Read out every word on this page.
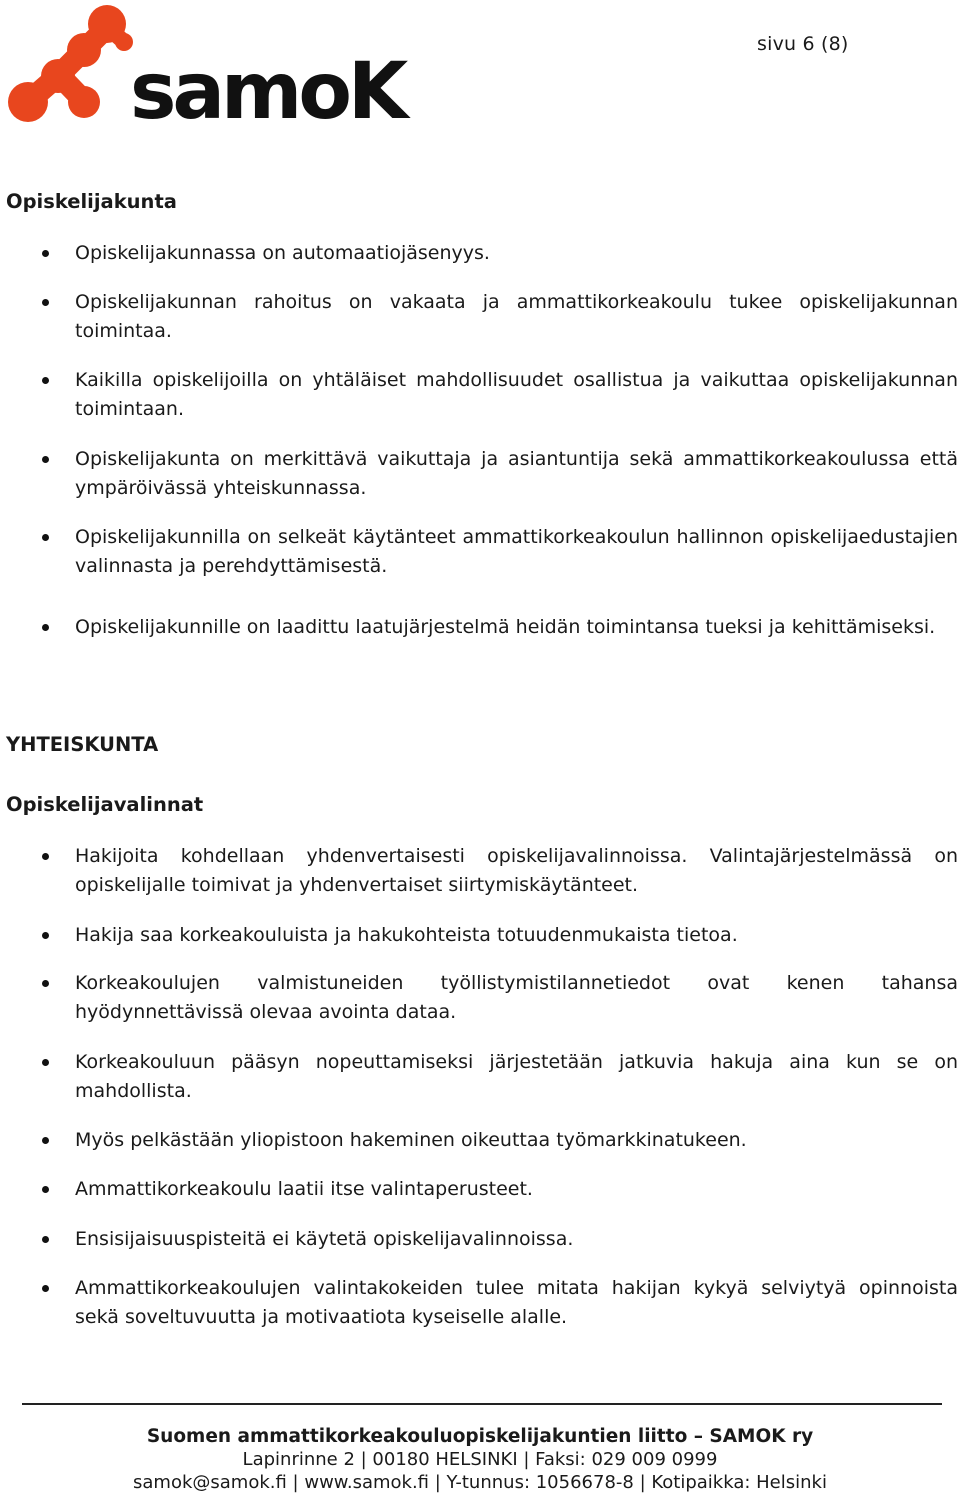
samoK
sivu 6 (8)
Opiskelijakunta

Opiskelijakunnassa on automaatiojäsenyys.

Opiskelijakunnan rahoitus on vakaata ja ammattikorkeakoulu tukee opiskelijakunnan toimintaa.

Kaikilla opiskelijoilla on yhtäläiset mahdollisuudet osallistua ja vaikuttaa opiskelijakunnan toimintaan.

Opiskelijakunta on merkittävä vaikuttaja ja asiantuntija sekä ammattikorkeakoulussa että ympäröivässä yhteiskunnassa.

Opiskelijakunnilla on selkeät käytänteet ammattikorkeakoulun hallinnon opiskelijaedustajien valinnasta ja perehdyttämisestä.

Opiskelijakunnille on laadittu laatujärjestelmä heidän toimintansa tueksi ja kehittämiseksi.

YHTEISKUNTA
Opiskelijavalinnat

Hakijoita kohdellaan yhdenvertaisesti opiskelijavalinnoissa. Valintajärjestelmässä on opiskelijalle toimivat ja yhdenvertaiset siirtymiskäytänteet.

Hakija saa korkeakouluista ja hakukohteista totuudenmukaista tietoa.

Korkeakoulujen valmistuneiden työllistymistilannetiedot ovat kenen tahansa hyödynnettävissä olevaa avointa dataa.

Korkeakouluun pääsyn nopeuttamiseksi järjestetään jatkuvia hakuja aina kun se on mahdollista.

Myös pelkästään yliopistoon hakeminen oikeuttaa työmarkkinatukeen.

Ammattikorkeakoulu laatii itse valintaperusteet.

Ensisijaisuuspisteitä ei käytetä opiskelijavalinnoissa.

Ammattikorkeakoulujen valintakokeiden tulee mitata hakijan kykyä selviytyä opinnoista sekä soveltuvuutta ja motivaatiota kyseiselle alalle.

Suomen ammattikorkeakouluopiskelijakuntien liitto – SAMOK ry

Lapinrinne 2 | 00180 HELSINKI | Faksi: 029 009 0999

samok@samok.fi | www.samok.fi | Y-tunnus: 1056678-8 | Kotipaikka: Helsinki
